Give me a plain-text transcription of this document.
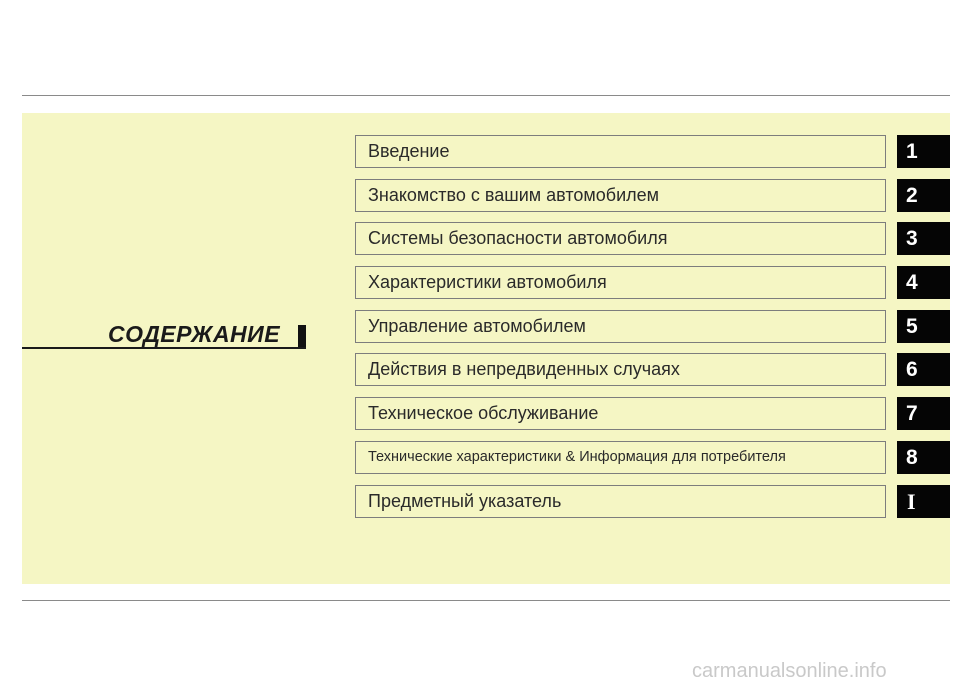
СОДЕРЖАНИЕ
Введение	1
Знакомство с вашим автомобилем	2
Системы безопасности автомобиля	3
Характеристики автомобиля	4
Управление автомобилем	5
Действия в непредвиденных случаях	6
Техническое обслуживание	7
Технические характеристики & Информация для потребителя	8
Предметный указатель	I
carmanualsonline.info
